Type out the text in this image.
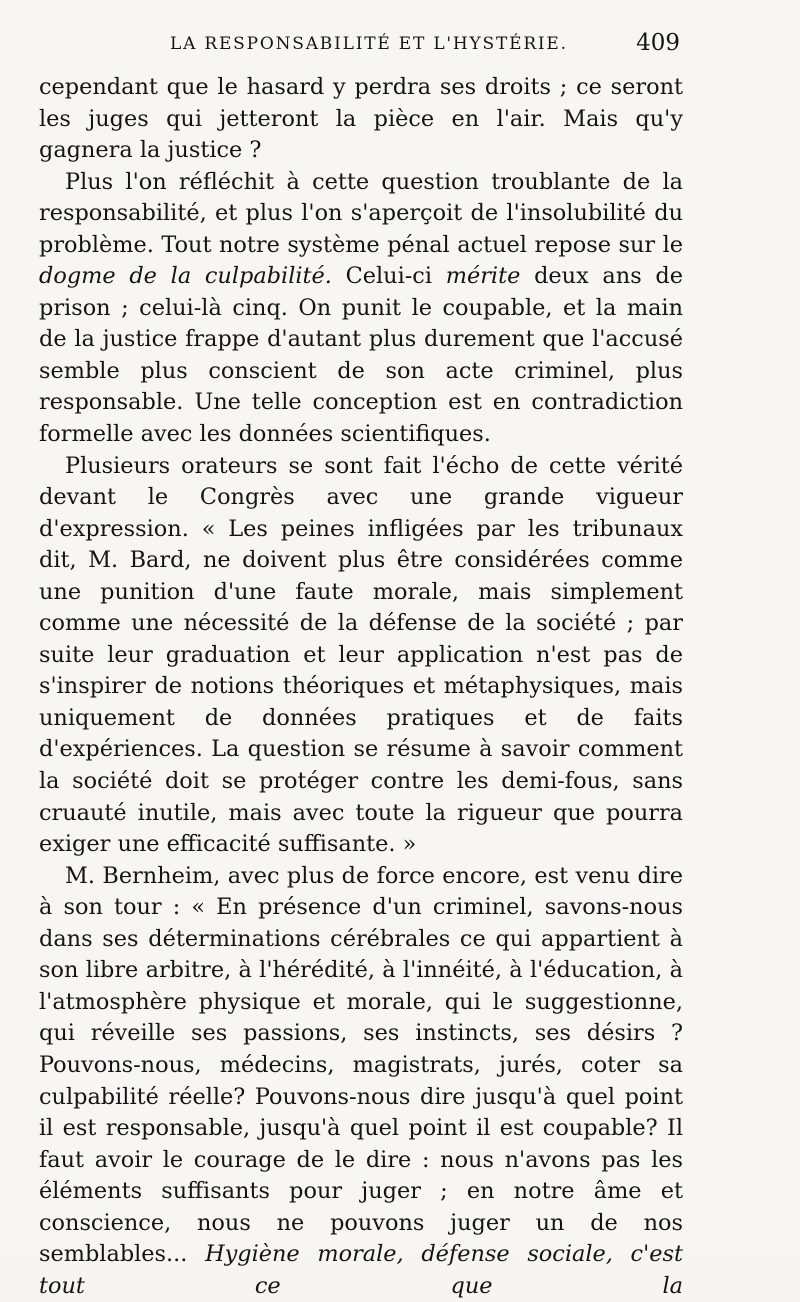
LA RESPONSABILITÉ ET L'HYSTÉRIE.	409

cependant que le hasard y perdra ses droits ; ce seront les juges qui jetteront la pièce en l'air. Mais qu'y gagnera la justice ?

Plus l'on réfléchit à cette question troublante de la responsabilité, et plus l'on s'aperçoit de l'insolubilité du problème. Tout notre système pénal actuel repose sur le dogme de la culpabilité. Celui-ci mérite deux ans de prison ; celui-là cinq. On punit le coupable, et la main de la justice frappe d'autant plus durement que l'accusé semble plus conscient de son acte criminel, plus responsable. Une telle conception est en contradiction formelle avec les données scientifiques.

Plusieurs orateurs se sont fait l'écho de cette vérité devant le Congrès avec une grande vigueur d'expression. « Les peines infligées par les tribunaux dit, M. Bard, ne doivent plus être considérées comme une punition d'une faute morale, mais simplement comme une nécessité de la défense de la société ; par suite leur graduation et leur application n'est pas de s'inspirer de notions théoriques et métaphysiques, mais uniquement de données pratiques et de faits d'expériences. La question se résume à savoir comment la société doit se protéger contre les demi-fous, sans cruauté inutile, mais avec toute la rigueur que pourra exiger une efficacité suffisante. »

M. Bernheim, avec plus de force encore, est venu dire à son tour : « En présence d'un criminel, savons-nous dans ses déterminations cérébrales ce qui appartient à son libre arbitre, à l'hérédité, à l'innéité, à l'éducation, à l'atmosphère physique et morale, qui le suggestionne, qui réveille ses passions, ses instincts, ses désirs ? Pouvons-nous, médecins, magistrats, jurés, coter sa culpabilité réelle? Pouvons-nous dire jusqu'à quel point il est responsable, jusqu'à quel point il est coupable? Il faut avoir le courage de le dire : nous n'avons pas les éléments suffisants pour juger ; en notre âme et conscience, nous ne pouvons juger un de nos semblables... Hygiène morale, défense sociale, c'est tout ce que la
